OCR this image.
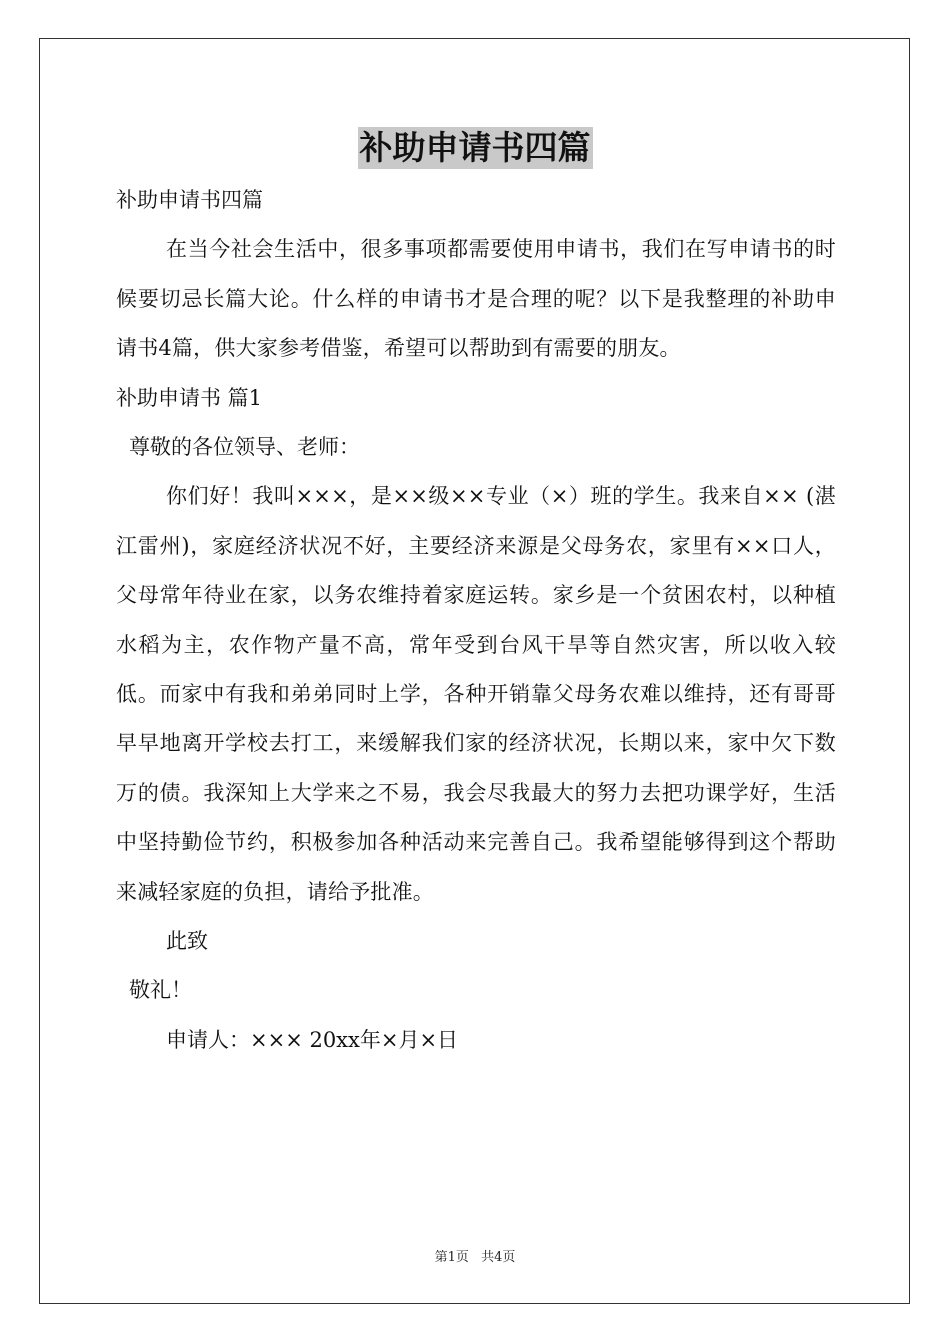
补助申请书四篇

补助申请书四篇

在当今社会生活中，很多事项都需要使用申请书，我们在写申请书的时候要切忌长篇大论。什么样的申请书才是合理的呢？以下是我整理的补助申请书4篇，供大家参考借鉴，希望可以帮助到有需要的朋友。

补助申请书 篇1

尊敬的各位领导、老师：

你们好！我叫×××，是××级××专业（×）班的学生。我来自×× (湛江雷州)，家庭经济状况不好，主要经济来源是父母务农，家里有××口人，父母常年待业在家，以务农维持着家庭运转。家乡是一个贫困农村，以种植水稻为主，农作物产量不高，常年受到台风干旱等自然灾害，所以收入较低。而家中有我和弟弟同时上学，各种开销靠父母务农难以维持，还有哥哥早早地离开学校去打工，来缓解我们家的经济状况，长期以来，家中欠下数万的债。我深知上大学来之不易，我会尽我最大的努力去把功课学好，生活中坚持勤俭节约，积极参加各种活动来完善自己。我希望能够得到这个帮助来减轻家庭的负担，请给予批准。

此致

敬礼！

申请人：××× 20xx年×月×日

第1页 共4页
